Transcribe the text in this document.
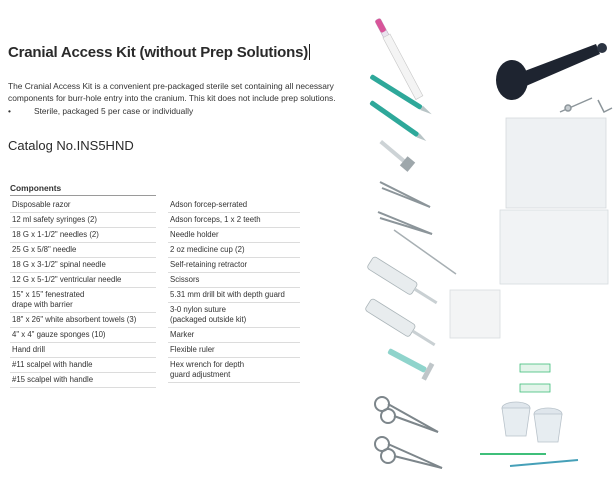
Cranial Access Kit (without Prep Solutions)
The Cranial Access Kit is a convenient pre-packaged sterile set containing all necessary components for burr-hole entry into the cranium. This kit does not include prep solutions.
•	Sterile, packaged 5 per case or individually
Catalog No.INS5HND
Components
Disposable razor
12 ml safety syringes (2)
18 G x 1-1/2" needles (2)
25 G x 5/8" needle
18 G x 3-1/2" spinal needle
12 G x 5-1/2" ventricular needle
15" x 15" fenestrated
drape with barrier
18" x 26" white absorbent towels (3)
4" x 4" gauze sponges (10)
Hand drill
#11 scalpel with handle
#15 scalpel with handle
Adson forcep-serrated
Adson forceps, 1 x 2 teeth
Needle holder
2 oz medicine cup (2)
Self-retaining retractor
Scissors
5.31 mm drill bit with depth guard
3-0 nylon suture
(packaged outside kit)
Marker
Flexible ruler
Hex wrench for depth
guard adjustment
